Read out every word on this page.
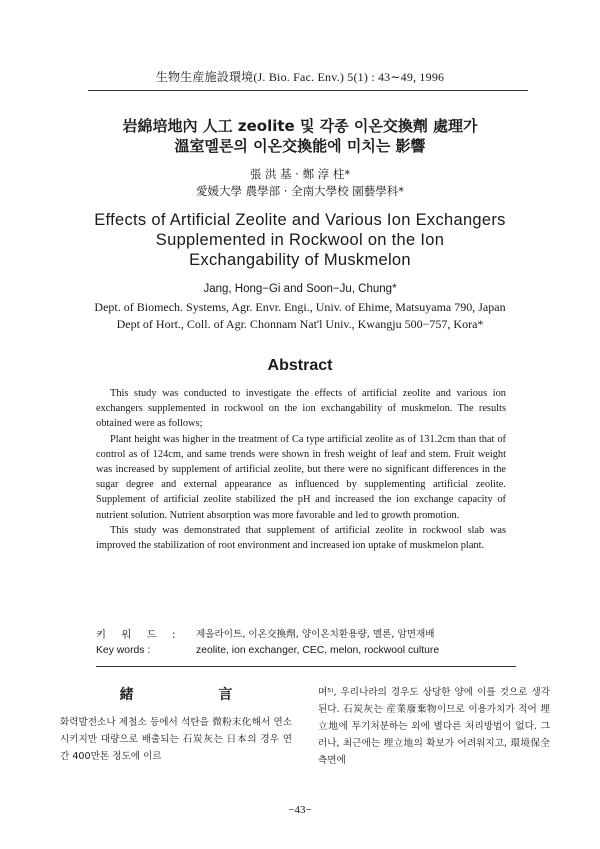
生物生産施設環境(J. Bio. Fac. Env.) 5(1) : 43∼49, 1996
岩綿培地內 人工 zeolite 및 각종 이온交換劑 處理가
溫室멜론의 이온交換能에 미치는 影響
張 洪 基 · 鄭 淳 柱*
愛媛大學 農學部 · 全南大學校 園藝學科*
Effects of Artificial Zeolite and Various Ion Exchangers
Supplemented in Rockwool on the Ion
Exchangability of Muskmelon
Jang, Hong−Gi and Soon−Ju, Chung*
Dept. of Biomech. Systems, Agr. Envr. Engi., Univ. of Ehime, Matsuyama 790, Japan
Dept of Hort., Coll. of Agr. Chonnam Nat'l Univ., Kwangju 500−757, Kora*
Abstract

This study was conducted to investigate the effects of artificial zeolite and various ion exchangers supplemented in rockwool on the ion exchangability of muskmelon. The results obtained were as follows;

Plant height was higher in the treatment of Ca type artificial zeolite as of 131.2cm than that of control as of 124cm, and same trends were shown in fresh weight of leaf and stem. Fruit weight was increased by supplement of artificial zeolite, but there were no significant differences in the sugar degree and external appearance as influenced by supplementing artificial zeolite. Supplement of artificial zeolite stabilized the pH and increased the ion exchange capacity of nutrient solution. Nutrient absorption was more favorable and led to growth promotion.

This study was demonstrated that supplement of artificial zeolite in rockwool slab was improved the stabilization of root environment and increased ion uptake of muskmelon plant.

키 워 드 :	제올라이트, 이온交換劑, 양이온치환용량, 멜론, 암면재배
Key words :	zeolite, ion exchanger, CEC, melon, rockwool culture
緒 言

화력발전소나 제철소 등에서 석탄을 微粉末化해서 연소시키지만 대량으로 배출되는 石炭灰는 日本의 경우 연간 400만톤 정도에 이르

며⁵⁾, 우리나라의 경우도 상당한 양에 이를 것으로 생각된다. 石炭灰는 産業廢棄物이므로 이용가치가 적어 埋立地에 투기처분하는 외에 별다른 처리방법이 없다. 그러나, 최근에는 埋立地의 확보가 어려워지고, 環境保全 측면에

−43−
